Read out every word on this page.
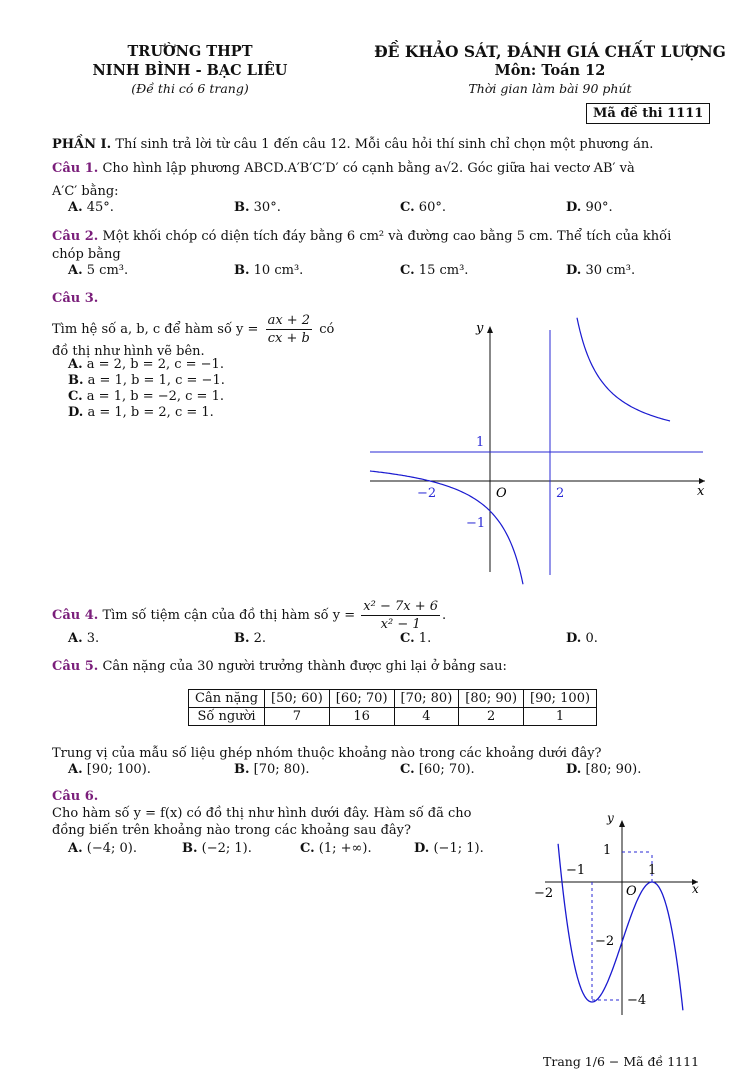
TRƯỜNG THPT
NINH BÌNH - BẠC LIÊU
(Đề thi có 6 trang)
ĐỀ KHẢO SÁT, ĐÁNH GIÁ CHẤT LƯỢNG
Môn: Toán 12
Thời gian làm bài 90 phút
Mã đề thi 1111
PHẦN I. Thí sinh trả lời từ câu 1 đến câu 12. Mỗi câu hỏi thí sinh chỉ chọn một phương án.
Câu 1. Cho hình lập phương ABCD.A′B′C′D′ có cạnh bằng a√2. Góc giữa hai vectơ AB′ và
A′C′ bằng:
A. 45°.	B. 30°.	C. 60°.	D. 90°.
Câu 2. Một khối chóp có diện tích đáy bằng 6 cm² và đường cao bằng 5 cm. Thể tích của khối
chóp bằng
A. 5 cm³.	B. 10 cm³.	C. 15 cm³.	D. 30 cm³.
Câu 3.
Tìm hệ số a, b, c để hàm số $y = \frac{ax + 2}{cx + b}$ có
đồ thị như hình vẽ bên.
A. a = 2, b = 2, c = −1.
B. a = 1, b = 1, c = −1.
C. a = 1, b = −2, c = 1.
D. a = 1, b = 2, c = 1.
y
x
O
1
−2	2
−1
Câu 4. Tìm số tiệm cận của đồ thị hàm số $y = \frac{\text{x² − 7x + 6}}{\text{x² − 1}}$ .
A. 3.	B. 2.	C. 1.	D. 0.
Câu 5. Cân nặng của 30 người trưởng thành được ghi lại ở bảng sau:
Cân nặng	[50; 60)	[60; 70)	[70; 80)	[80; 90)	[90; 100)
Số người	7	16	4	2	1
Trung vị của mẫu số liệu ghép nhóm thuộc khoảng nào trong các khoảng dưới đây?
A. [90; 100).	B. [70; 80).	C. [60; 70).	D. [80; 90).
Câu 6.
Cho hàm số y = f(x) có đồ thị như hình dưới đây. Hàm số đã cho
đồng biến trên khoảng nào trong các khoảng sau đây?
A. (−4; 0).	B. (−2; 1).	C. (1; +∞).	D. (−1; 1).
y
x
O
1
−1	1
−2
−2
−4
Trang 1/6 − Mã đề 1111
